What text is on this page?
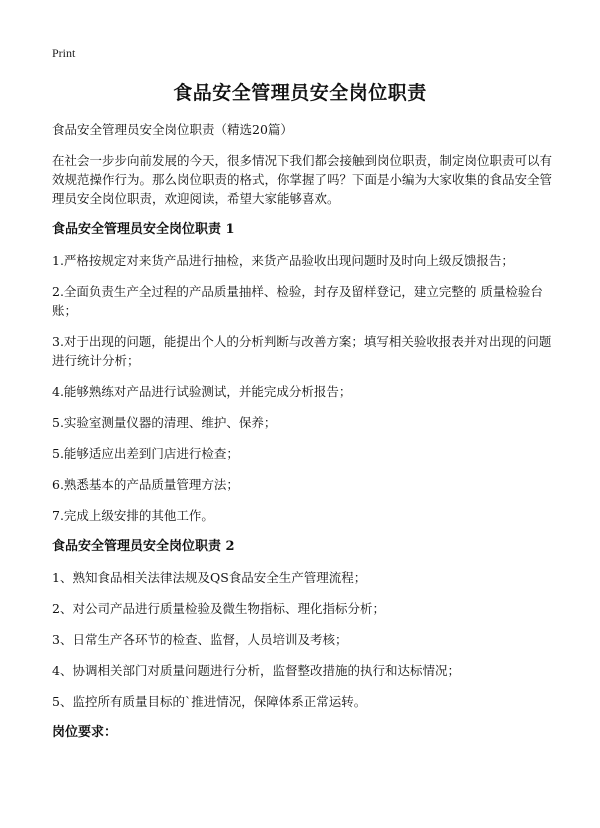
Print
食品安全管理员安全岗位职责
食品安全管理员安全岗位职责（精选20篇）
在社会一步步向前发展的今天，很多情况下我们都会接触到岗位职责，制定岗位职责可以有效规范操作行为。那么岗位职责的格式，你掌握了吗？下面是小编为大家收集的食品安全管理员安全岗位职责，欢迎阅读，希望大家能够喜欢。
食品安全管理员安全岗位职责 1
1.严格按规定对来货产品进行抽检，来货产品验收出现问题时及时向上级反馈报告；
2.全面负责生产全过程的产品质量抽样、检验，封存及留样登记，建立完整的 质量检验台账；
3.对于出现的问题，能提出个人的分析判断与改善方案；填写相关验收报表并对出现的问题进行统计分析；
4.能够熟练对产品进行试验测试，并能完成分析报告；
5.实验室测量仪器的清理、维护、保养；
5.能够适应出差到门店进行检查；
6.熟悉基本的产品质量管理方法；
7.完成上级安排的其他工作。
食品安全管理员安全岗位职责 2
1、熟知食品相关法律法规及QS食品安全生产管理流程；
2、对公司产品进行质量检验及微生物指标、理化指标分析；
3、日常生产各环节的检查、监督，人员培训及考核；
4、协调相关部门对质量问题进行分析，监督整改措施的执行和达标情况；
5、监控所有质量目标的`推进情况，保障体系正常运转。
岗位要求：
